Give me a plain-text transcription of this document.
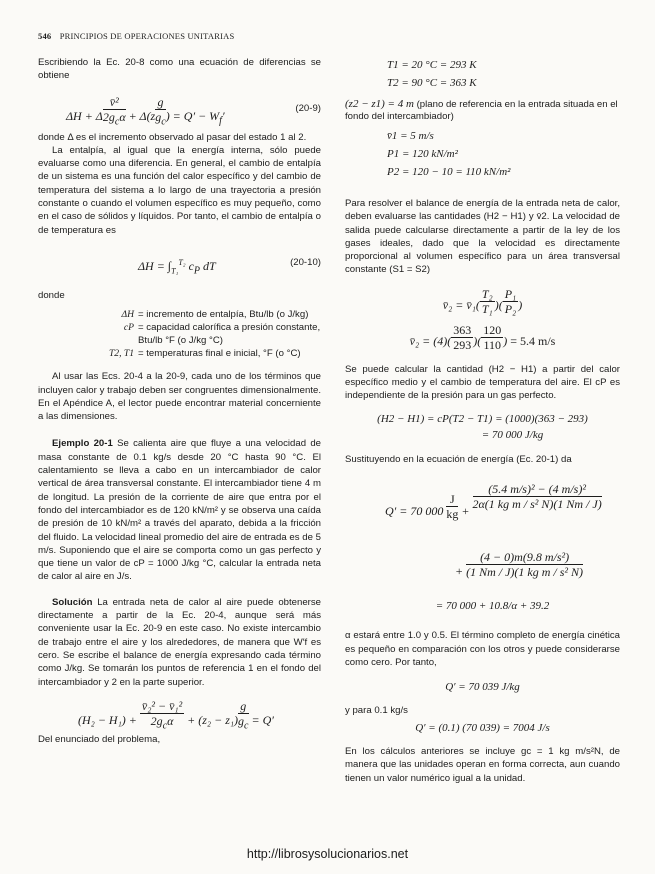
546 PRINCIPIOS DE OPERACIONES UNITARIAS

Escribiendo la Ec. 20-8 como una ecuación de diferencias se obtiene

ΔH + Δ $\frac{\text{v̄²}}{2g_c\alpha} + \Delta(z \frac{g}{g_c}$ ) = $Q' - W_f'$
(20-9)

donde Δ es el incremento observado al pasar del estado 1 al 2.

La entalpía, al igual que la energía interna, sólo puede evaluarse como una diferencia. En general, el cambio de entalpía de un sistema es una función del calor específico y del cambio de temperatura del sistema a lo largo de una trayectoria a presión constante o cuando el volumen específico es muy pequeño, como en el caso de sólidos y líquidos. Por tanto, el cambio de entalpía o de temperatura es

$\Delta H = \int_{T_1}^{T_2}$ $c_P$ dT	(20-10)

donde

ΔH = incremento de entalpía, Btu/lb (o J/kg)
cP = capacidad calorífica a presión constante, Btu/lb °F (o J/kg °C)
T2, T1 = temperaturas final e inicial, °F (o °C)

Al usar las Ecs. 20-4 a la 20-9, cada uno de los términos que incluyen calor y trabajo deben ser congruentes dimensionalmente. En el Apéndice A, el lector puede encontrar material concerniente a las dimensiones.

Ejemplo 20-1 Se calienta aire que fluye a una velocidad de masa constante de 0.1 kg/s desde 20 °C hasta 90 °C. El calentamiento se lleva a cabo en un intercambiador de calor vertical de área transversal constante. El intercambiador tiene 4 m de longitud. La presión de la corriente de aire que entra por el fondo del intercambiador es de 120 kN/m² y se observa una caída de presión de 10 kN/m² a través del aparato, debida a la fricción del fluido. La velocidad lineal promedio del aire de entrada es de 5 m/s. Suponiendo que el aire se comporta como un gas perfecto y que tiene un valor de cP = 1000 J/kg °C, calcular la entrada neta de calor al aire en J/s.

Solución La entrada neta de calor al aire puede obtenerse directamente a partir de la Ec. 20-4, aunque será más conveniente usar la Ec. 20-9 en este caso. No existe intercambio de trabajo entre el aire y los alrededores, de manera que W′f es cero. Se escribe el balance de energía expresando cada término como J/kg. Se tomarán los puntos de referencia 1 en el fondo del intercambiador y 2 en la parte superior.

$(H_2 - H_1) + \frac{\text{v̄₂² − v̄₁²}}{2g_c\alpha} + (z_2 - z_1) \frac{g}{g_c} = Q'$

Del enunciado del problema,

T1 = 20 °C = 293 K
T2 = 90 °C = 363 K
(z2 − z1) = 4 m (plano de referencia en la entrada situada en el fondo del intercambiador)
v̄1 = 5 m/s
P1 = 120 kN/m²
P2 = 120 − 10 = 110 kN/m²

Para resolver el balance de energía de la entrada neta de calor, deben evaluarse las cantidades (H2 − H1) y v̄2. La velocidad de salida puede calcularse directamente a partir de la ley de los gases ideales, dado que la velocidad es directamente proporcional al volumen específico para un área transversal constante (S1 = S2)

v̄₂ = v̄₁( $\frac{\text{T₂}}{\text{T₁}}$ )( $\frac{\text{P₁}}{\text{P₂}}$ )
v̄₂ = $(4)( \frac{363}{293}$ )( $\frac{120}{110}$ ) = 5.4 m/s

Se puede calcular la cantidad (H2 − H1) a partir del calor específico medio y el cambio de temperatura del aire. El cP es independiente de la presión para un gas perfecto.

(H2 − H1) = cP(T2 − T1) = (1000)(363 − 293)
= 70 000 J/kg

Sustituyendo en la ecuación de energía (Ec. 20-1) da

Q′ = 70 $000 \frac{J}{kg}$ +
$\frac{\text{(5.4 m/s)² − (4 m/s)²}}{\text{2α(1 kg m / s² N)(1 Nm / J)}}$
+ $\frac{\text{(4 − 0)m(9.8 m/s²)}}{\text{(1 Nm / J)(1 kg m / s² N)}}$
= 70 000 + 10.8/α + 39.2

α estará entre 1.0 y 0.5. El término completo de energía cinética es pequeño en comparación con los otros y puede considerarse como cero. Por tanto,

Q′ = 70 039 J/kg

y para 0.1 kg/s

Q′ = (0.1) (70 039) = 7004 J/s

En los cálculos anteriores se incluye gc = 1 kg m/s²N, de manera que las unidades operan en forma correcta, aun cuando tienen un valor numérico igual a la unidad.

http://librosysolucionarios.net
